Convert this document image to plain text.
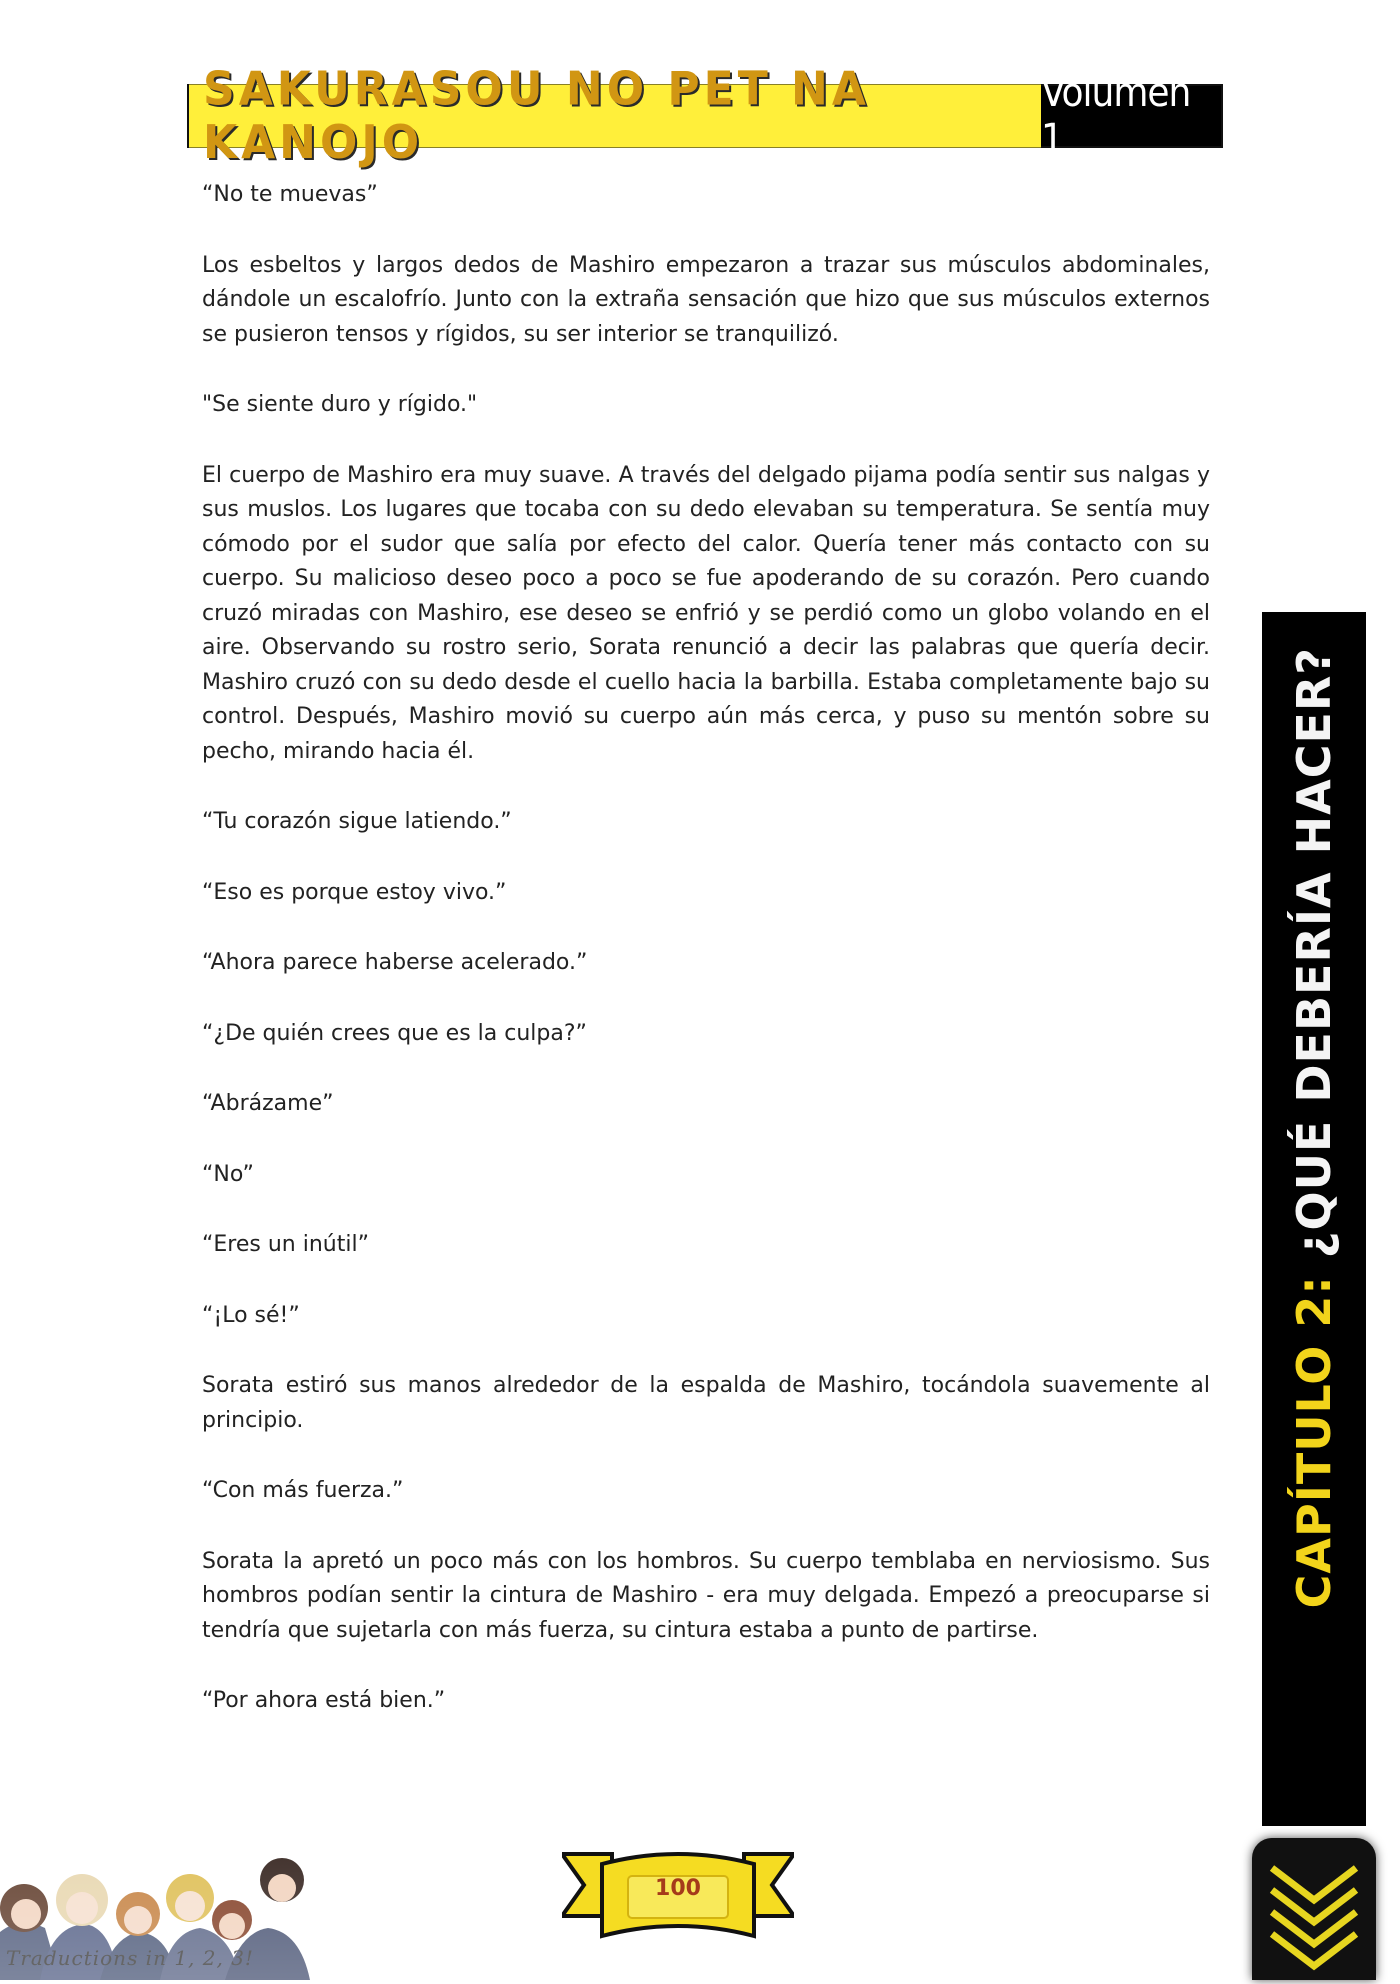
SAKURASOU NO PET NA KANOJO
Volumen 1

“No te muevas”

Los esbeltos y largos dedos de Mashiro empezaron a trazar sus músculos abdominales, dándole un escalofrío. Junto con la extraña sensación que hizo que sus músculos externos se pusieron tensos y rígidos, su ser interior se tranquilizó.

"Se siente duro y rígido."

El cuerpo de Mashiro era muy suave. A través del delgado pijama podía sentir sus nalgas y sus muslos. Los lugares que tocaba con su dedo elevaban su temperatura. Se sentía muy cómodo por el sudor que salía por efecto del calor. Quería tener más contacto con su cuerpo. Su malicioso deseo poco a poco se fue apoderando de su corazón. Pero cuando cruzó miradas con Mashiro, ese deseo se enfrió y se perdió como un globo volando en el aire. Observando su rostro serio, Sorata renunció a decir las palabras que quería decir. Mashiro cruzó con su dedo desde el cuello hacia la barbilla. Estaba completamente bajo su control. Después, Mashiro movió su cuerpo aún más cerca, y puso su mentón sobre su pecho, mirando hacia él.

“Tu corazón sigue latiendo.”

“Eso es porque estoy vivo.”

“Ahora parece haberse acelerado.”

“¿De quién crees que es la culpa?”

“Abrázame”

“No”

“Eres un inútil”

“¡Lo sé!”

Sorata estiró sus manos alrededor de la espalda de Mashiro, tocándola suavemente al principio.

“Con más fuerza.”

Sorata la apretó un poco más con los hombros. Su cuerpo temblaba en nerviosismo. Sus hombros podían sentir la cintura de Mashiro - era muy delgada. Empezó a preocuparse si tendría que sujetarla con más fuerza, su cintura estaba a punto de partirse.

“Por ahora está bien.”

CAPÍTULO 2:

¿QUÉ DEBERÍA HACER?
Traductions in 1, 2, 3!
100
